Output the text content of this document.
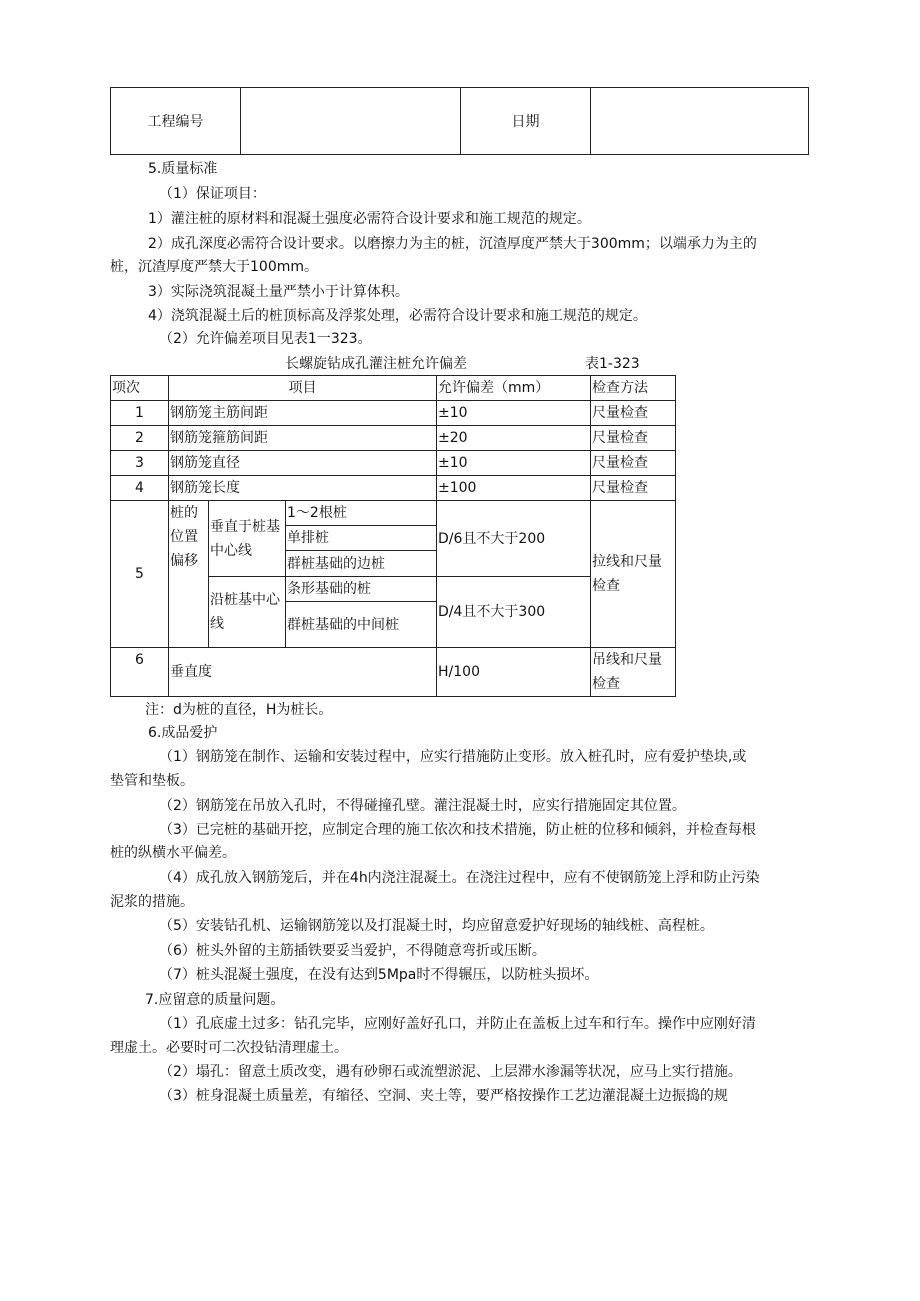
工程编号		日期	

5.质量标准

（1）保证项目：

1）灌注桩的原材料和混凝土强度必需符合设计要求和施工规范的规定。

2）成孔深度必需符合设计要求。以磨擦力为主的桩，沉渣厚度严禁大于300mm；以端承力为主的

桩，沉渣厚度严禁大于100mm。

3）实际浇筑混凝土量严禁小于计算体积。

4）浇筑混凝土后的桩顶标高及浮浆处理，必需符合设计要求和施工规范的规定。

（2）允许偏差项目见表1一323。

长螺旋钻成孔灌注桩允许偏差	表1-323

项次	项目			允许偏差（mm）	检查方法
1	钢筋笼主筋间距			±10	尺量检查
2	钢筋笼箍筋间距			±20	尺量检查
3	钢筋笼直径			±10	尺量检查
4	钢筋笼长度			±100	尺量检查
5	桩的位置偏移	垂直于桩基中心线	1～2根桩	D/6且不大于200	拉线和尺量检查
			单排桩		
			群桩基础的边桩		
		沿桩基中心线	条形基础的桩	D/4且不大于300	
			群桩基础的中间桩		
6	垂直度			H/100	吊线和尺量检查

注：d为桩的直径，H为桩长。

6.成品爱护

（1）钢筋笼在制作、运输和安装过程中，应实行措施防止变形。放入桩孔时，应有爱护垫块,或

垫管和垫板。

（2）钢筋笼在吊放入孔时，不得碰撞孔壁。灌注混凝土时，应实行措施固定其位置。

（3）已完桩的基础开挖，应制定合理的施工依次和技术措施，防止桩的位移和倾斜，并检查每根

桩的纵横水平偏差。

（4）成孔放入钢筋笼后，并在4h内浇注混凝土。在浇注过程中，应有不使钢筋笼上浮和防止污染

泥浆的措施。

（5）安装钻孔机、运输钢筋笼以及打混凝土时，均应留意爱护好现场的轴线桩、高程桩。

（6）桩头外留的主筋插铁要妥当爱护，不得随意弯折或压断。

（7）桩头混凝土强度，在没有达到5Mpa时不得辗压，以防桩头损坏。

7.应留意的质量问题。

（1）孔底虚土过多：钻孔完毕，应刚好盖好孔口，并防止在盖板上过车和行车。操作中应刚好清

理虚土。必要时可二次投钻清理虚土。

（2）塌孔：留意土质改变，遇有砂卵石或流塑淤泥、上层滞水渗漏等状况，应马上实行措施。

（3）桩身混凝土质量差，有缩径、空洞、夹土等，要严格按操作工艺边灌混凝土边振捣的规
